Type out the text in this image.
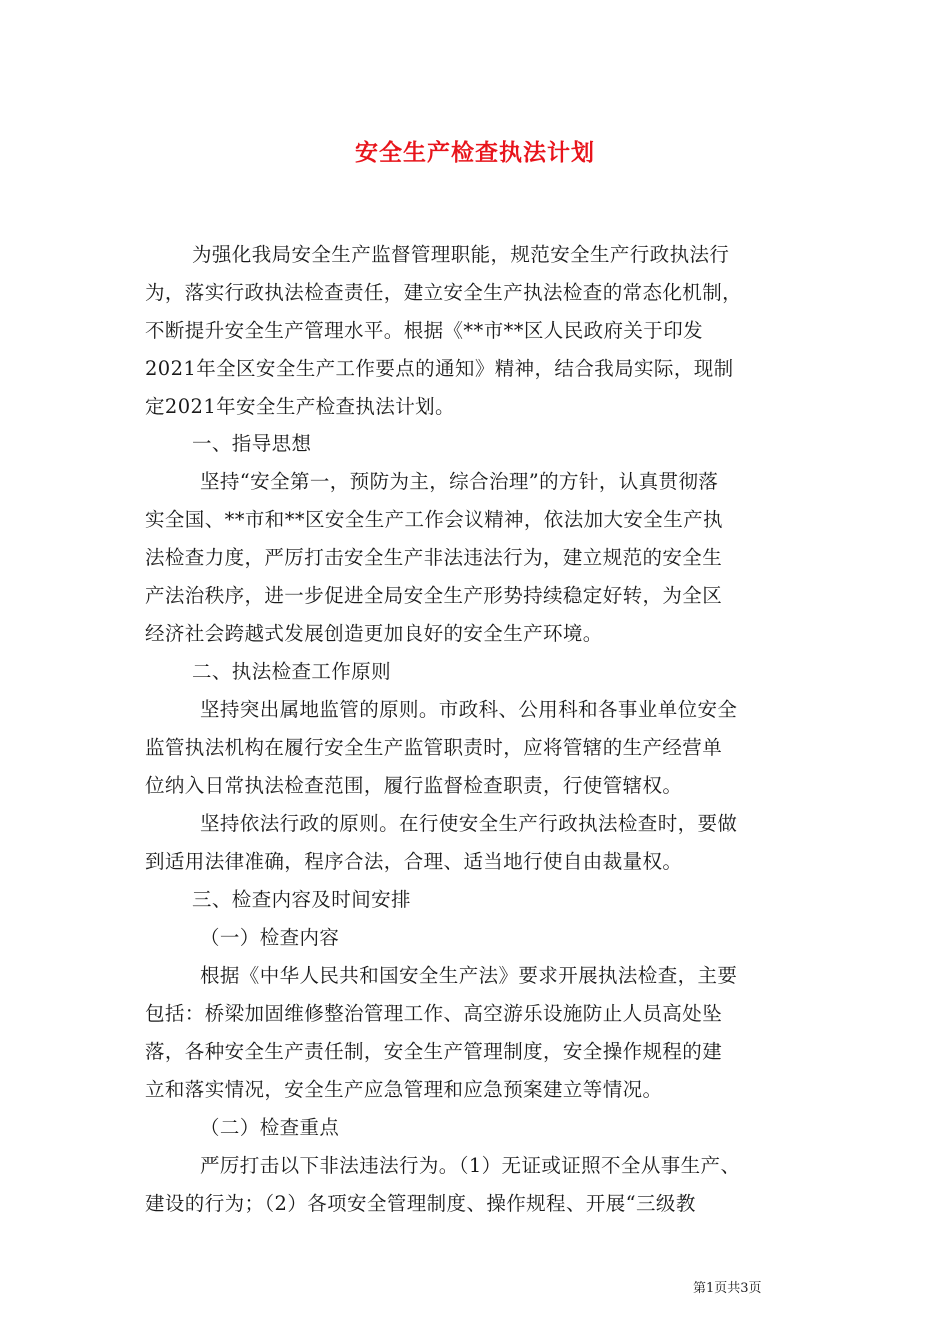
安全生产检查执法计划
为强化我局安全生产监督管理职能，规范安全生产行政执法行
为，落实行政执法检查责任，建立安全生产执法检查的常态化机制，
不断提升安全生产管理水平。根据《**市**区人民政府关于印发
2021年全区安全生产工作要点的通知》精神，结合我局实际，现制
定2021年安全生产检查执法计划。
一、指导思想
坚持“安全第一，预防为主，综合治理”的方针，认真贯彻落
实全国、**市和**区安全生产工作会议精神，依法加大安全生产执
法检查力度，严厉打击安全生产非法违法行为，建立规范的安全生
产法治秩序，进一步促进全局安全生产形势持续稳定好转，为全区
经济社会跨越式发展创造更加良好的安全生产环境。
二、执法检查工作原则
坚持突出属地监管的原则。市政科、公用科和各事业单位安全
监管执法机构在履行安全生产监管职责时，应将管辖的生产经营单
位纳入日常执法检查范围，履行监督检查职责，行使管辖权。
坚持依法行政的原则。在行使安全生产行政执法检查时，要做
到适用法律准确，程序合法，合理、适当地行使自由裁量权。
三、检查内容及时间安排
（一）检查内容
根据《中华人民共和国安全生产法》要求开展执法检查，主要
包括：桥梁加固维修整治管理工作、高空游乐设施防止人员高处坠
落，各种安全生产责任制，安全生产管理制度，安全操作规程的建
立和落实情况，安全生产应急管理和应急预案建立等情况。
（二）检查重点
严厉打击以下非法违法行为。（1）无证或证照不全从事生产、
建设的行为；（2）各项安全管理制度、操作规程、开展“三级教
第1页共3页
